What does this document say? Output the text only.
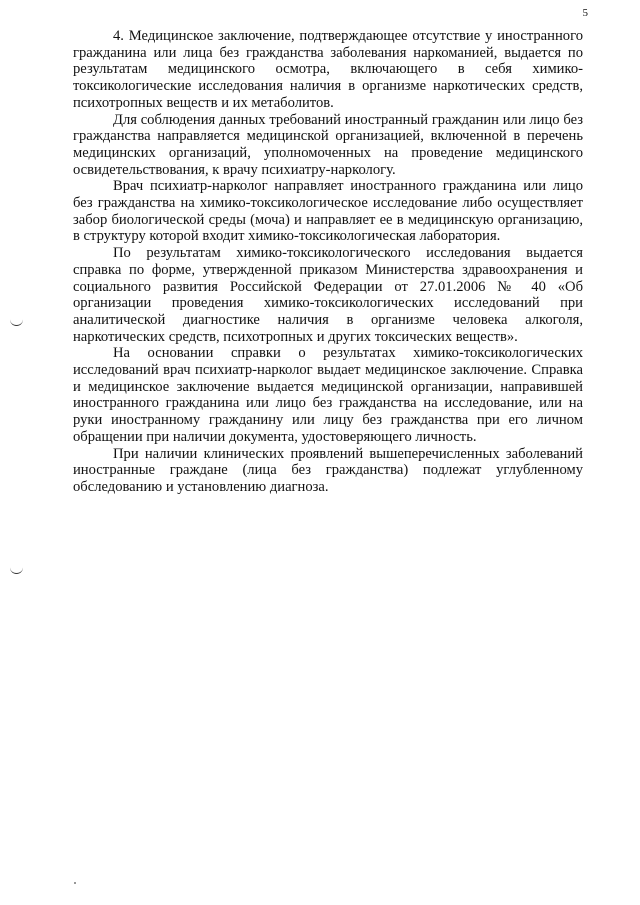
5

4. Медицинское заключение, подтверждающее отсутствие у иностранного гражданина или лица без гражданства заболевания наркоманией, выдается по результатам медицинского осмотра, включающего в себя химико-токсикологические исследования наличия в организме наркотических средств, психотропных веществ и их метаболитов.

Для соблюдения данных требований иностранный гражданин или лицо без гражданства направляется медицинской организацией, включенной в перечень медицинских организаций, уполномоченных на проведение медицинского освидетельствования, к врачу психиатру-наркологу.

Врач психиатр-нарколог направляет иностранного гражданина или лицо без гражданства на химико-токсикологическое исследование либо осуществляет забор биологической среды (моча) и направляет ее в медицинскую организацию, в структуру которой входит химико-токсикологическая лаборатория.

По результатам химико-токсикологического исследования выдается справка по форме, утвержденной приказом Министерства здравоохранения и социального развития Российской Федерации от 27.01.2006 № 40 «Об организации проведения химико-токсикологических исследований при аналитической диагностике наличия в организме человека алкоголя, наркотических средств, психотропных и других токсических веществ».

На основании справки о результатах химико-токсикологических исследований врач психиатр-нарколог выдает медицинское заключение. Справка и медицинское заключение выдается медицинской организации, направившей иностранного гражданина или лицо без гражданства на исследование, или на руки иностранному гражданину или лицу без гражданства при его личном обращении при наличии документа, удостоверяющего личность.

При наличии клинических проявлений вышеперечисленных заболеваний иностранные граждане (лица без гражданства) подлежат углубленному обследованию и установлению диагноза.
